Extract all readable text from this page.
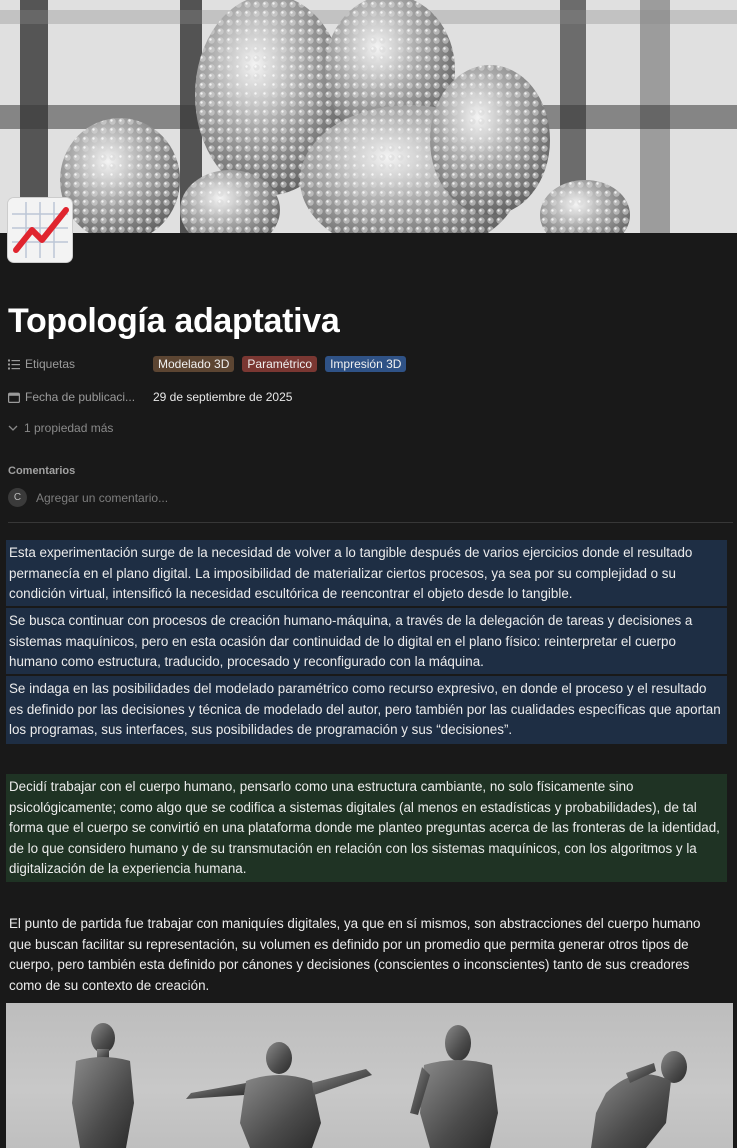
Topología adaptativa
Etiquetas	Modelado 3D	Paramétrico	Impresión 3D
Fecha de publicaci... 29 de septiembre de 2025
1 propiedad más
Comentarios
C	Agregar un comentario...
Esta experimentación surge de la necesidad de volver a lo tangible después de varios ejercicios donde el resultado permanecía en el plano digital. La imposibilidad de materializar ciertos procesos, ya sea por su complejidad o su condición virtual, intensificó la necesidad escultórica de reencontrar el objeto desde lo tangible.
Se busca continuar con procesos de creación humano-máquina, a través de la delegación de tareas y decisiones a sistemas maquínicos, pero en esta ocasión dar continuidad de lo digital en el plano físico: reinterpretar el cuerpo humano como estructura, traducido, procesado y reconfigurado con la máquina.
Se indaga en las posibilidades del modelado paramétrico como recurso expresivo, en donde el proceso y el resultado es definido por las decisiones y técnica de modelado del autor, pero también por las cualidades específicas que aportan los programas, sus interfaces, sus posibilidades de programación y sus “decisiones”.
Decidí trabajar con el cuerpo humano, pensarlo como una estructura cambiante, no solo físicamente sino psicológicamente; como algo que se codifica a sistemas digitales (al menos en estadísticas y probabilidades), de tal forma que el cuerpo se convirtió en una plataforma donde me planteo preguntas acerca de las fronteras de la identidad, de lo que considero humano y de su transmutación en relación con los sistemas maquínicos, con los algoritmos y la digitalización de la experiencia humana.
El punto de partida fue trabajar con maniquíes digitales, ya que en sí mismos, son abstracciones del cuerpo humano que buscan facilitar su representación, su volumen es definido por un promedio que permita generar otros tipos de cuerpo, pero también esta definido por cánones y decisiones (conscientes o inconscientes) tanto de sus creadores como de su contexto de creación.
